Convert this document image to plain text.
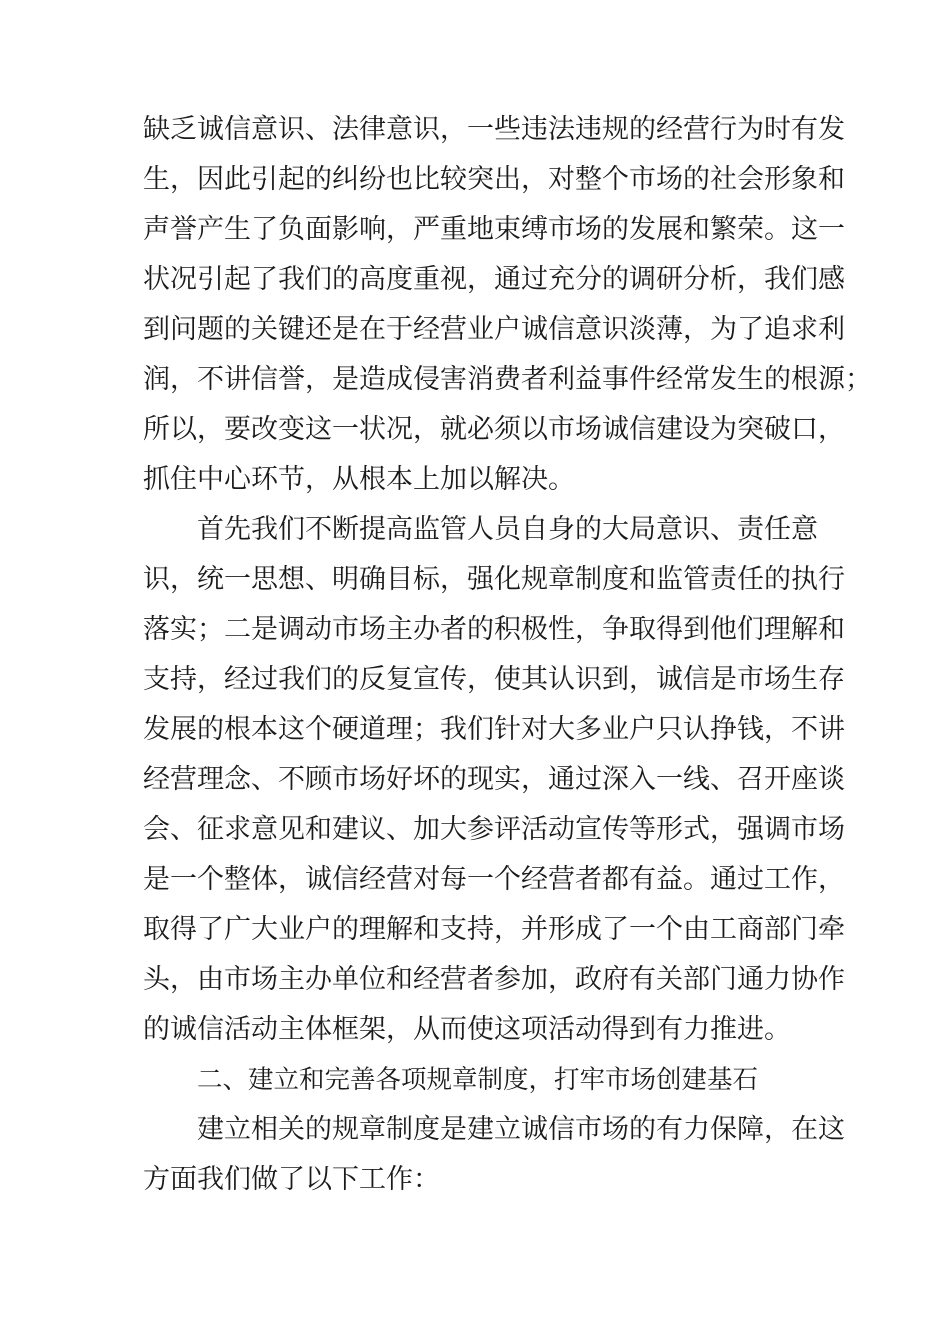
缺乏诚信意识、法律意识，一些违法违规的经营行为时有发
生，因此引起的纠纷也比较突出，对整个市场的社会形象和
声誉产生了负面影响，严重地束缚市场的发展和繁荣。这一
状况引起了我们的高度重视，通过充分的调研分析，我们感
到问题的关键还是在于经营业户诚信意识淡薄，为了追求利
润，不讲信誉，是造成侵害消费者利益事件经常发生的根源；
所以，要改变这一状况，就必须以市场诚信建设为突破口，
抓住中心环节，从根本上加以解决。
首先我们不断提高监管人员自身的大局意识、责任意
识，统一思想、明确目标，强化规章制度和监管责任的执行
落实；二是调动市场主办者的积极性，争取得到他们理解和
支持，经过我们的反复宣传，使其认识到，诚信是市场生存
发展的根本这个硬道理；我们针对大多业户只认挣钱，不讲
经营理念、不顾市场好坏的现实，通过深入一线、召开座谈
会、征求意见和建议、加大参评活动宣传等形式，强调市场
是一个整体，诚信经营对每一个经营者都有益。通过工作，
取得了广大业户的理解和支持，并形成了一个由工商部门牵
头，由市场主办单位和经营者参加，政府有关部门通力协作
的诚信活动主体框架，从而使这项活动得到有力推进。
二、建立和完善各项规章制度，打牢市场创建基石
建立相关的规章制度是建立诚信市场的有力保障，在这
方面我们做了以下工作：
